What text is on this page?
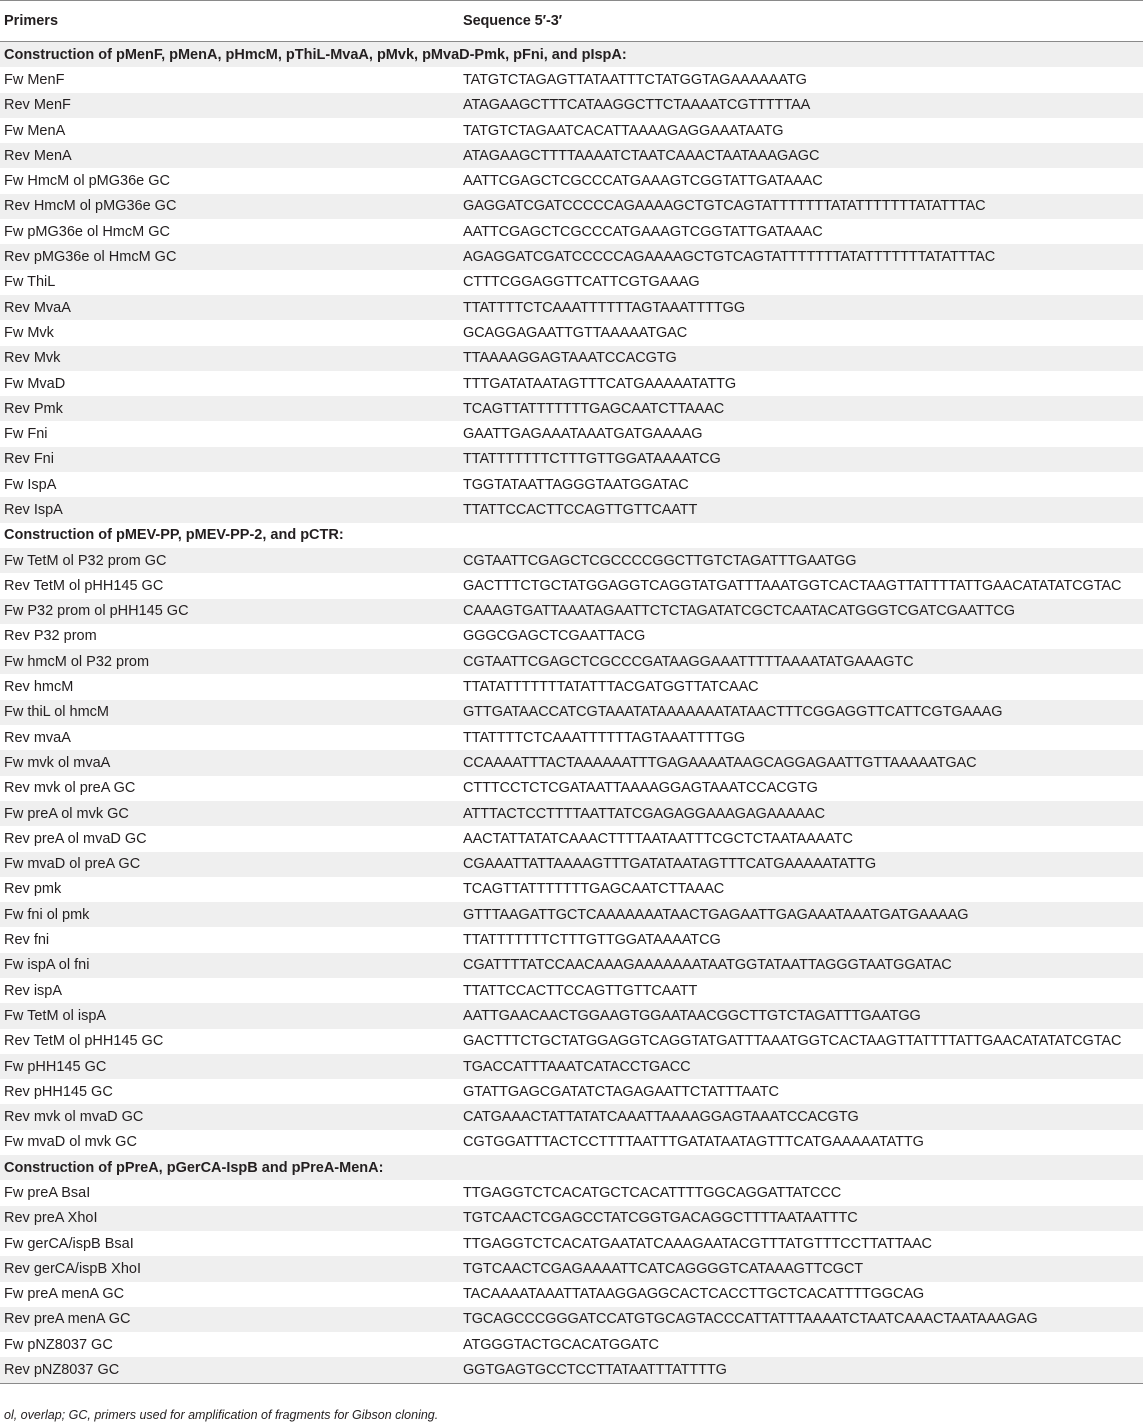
Primers	Sequence 5′-3′
Construction of pMenF, pMenA, pHmcM, pThiL-MvaA, pMvk, pMvaD-Pmk, pFni, and pIspA:
Fw MenF	TATGTCTAGAGTTATAATTTCTATGGTAGAAAAAATG
Rev MenF	ATAGAAGCTTTCATAAGGCTTCTAAAATCGTTTTTAA
Fw MenA	TATGTCTAGAATCACATTAAAAGAGGAAATAATG
Rev MenA	ATAGAAGCTTTTAAAATCTAATCAAACTAATAAAGAGC
Fw HmcM ol pMG36e GC	AATTCGAGCTCGCCCATGAAAGTCGGTATTGATAAAC
Rev HmcM ol pMG36e GC	GAGGATCGATCCCCCAGAAAAGCTGTCAGTATTTTTTTATATTTTTTTATATTTAC
Fw pMG36e ol HmcM GC	AATTCGAGCTCGCCCATGAAAGTCGGTATTGATAAAC
Rev pMG36e ol HmcM GC	AGAGGATCGATCCCCCAGAAAAGCTGTCAGTATTTTTTTATATTTTTTTATATTTAC
Fw ThiL	CTTTCGGAGGTTCATTCGTGAAAG
Rev MvaA	TTATTTTCTCAAATTTTTTAGTAAATTTTGG
Fw Mvk	GCAGGAGAATTGTTAAAAATGAC
Rev Mvk	TTAAAAGGAGTAAATCCACGTG
Fw MvaD	TTTGATATAATAGTTTCATGAAAAATATTG
Rev Pmk	TCAGTTATTTTTTTGAGCAATCTTAAAC
Fw Fni	GAATTGAGAAATAAATGATGAAAAG
Rev Fni	TTATTTTTTTCTTTGTTGGATAAAATCG
Fw IspA	TGGTATAATTAGGGTAATGGATAC
Rev IspA	TTATTCCACTTCCAGTTGTTCAATT
Construction of pMEV-PP, pMEV-PP-2, and pCTR:
Fw TetM ol P32 prom GC	CGTAATTCGAGCTCGCCCCGGCTTGTCTAGATTTGAATGG
Rev TetM ol pHH145 GC	GACTTTCTGCTATGGAGGTCAGGTATGATTTAAATGGTCACTAAGTTATTTTATTGAACATATATCGTAC
Fw P32 prom ol pHH145 GC	CAAAGTGATTAAATAGAATTCTCTAGATATCGCTCAATACATGGGTCGATCGAATTCG
Rev P32 prom	GGGCGAGCTCGAATTACG
Fw hmcM ol P32 prom	CGTAATTCGAGCTCGCCCGATAAGGAAATTTTTAAAATATGAAAGTC
Rev hmcM	TTATATTTTTTTATATTTACGATGGTTATCAAC
Fw thiL ol hmcM	GTTGATAACCATCGTAAATATAAAAAAATATAACTTTCGGAGGTTCATTCGTGAAAG
Rev mvaA	TTATTTTCTCAAATTTTTTAGTAAATTTTGG
Fw mvk ol mvaA	CCAAAATTTACTAAAAAATTTGAGAAAATAAGCAGGAGAATTGTTAAAAATGAC
Rev mvk ol preA GC	CTTTCCTCTCGATAATTAAAAGGAGTAAATCCACGTG
Fw preA ol mvk GC	ATTTACTCCTTTTAATTATCGAGAGGAAAGAGAAAAAC
Rev preA ol mvaD GC	AACTATTATATCAAACTTTTAATAATTTCGCTCTAATAAAATC
Fw mvaD ol preA GC	CGAAATTATTAAAAGTTTGATATAATAGTTTCATGAAAAATATTG
Rev pmk	TCAGTTATTTTTTTGAGCAATCTTAAAC
Fw fni ol pmk	GTTTAAGATTGCTCAAAAAAATAACTGAGAATTGAGAAATAAATGATGAAAAG
Rev fni	TTATTTTTTTCTTTGTTGGATAAAATCG
Fw ispA ol fni	CGATTTTATCCAACAAAGAAAAAAATAATGGTATAATTAGGGTAATGGATAC
Rev ispA	TTATTCCACTTCCAGTTGTTCAATT
Fw TetM ol ispA	AATTGAACAACTGGAAGTGGAATAACGGCTTGTCTAGATTTGAATGG
Rev TetM ol pHH145 GC	GACTTTCTGCTATGGAGGTCAGGTATGATTTAAATGGTCACTAAGTTATTTTATTGAACATATATCGTAC
Fw pHH145 GC	TGACCATTTAAATCATACCTGACC
Rev pHH145 GC	GTATTGAGCGATATCTAGAGAATTCTATTTAATC
Rev mvk ol mvaD GC	CATGAAACTATTATATCAAATTAAAAGGAGTAAATCCACGTG
Fw mvaD ol mvk GC	CGTGGATTTACTCCTTTTAATTTGATATAATAGTTTCATGAAAAATATTG
Construction of pPreA, pGerCA-IspB and pPreA-MenA:
Fw preA BsaI	TTGAGGTCTCACATGCTCACATTTTGGCAGGATTATCCC
Rev preA XhoI	TGTCAACTCGAGCCTATCGGTGACAGGCTTTTAATAATTTC
Fw gerCA/ispB BsaI	TTGAGGTCTCACATGAATATCAAAGAATACGTTTATGTTTCCTTATTAAC
Rev gerCA/ispB XhoI	TGTCAACTCGAGAAAATTCATCAGGGGTCATAAAGTTCGCT
Fw preA menA GC	TACAAAATAAATTATAAGGAGGCACTCACCTTGCTCACATTTTGGCAG
Rev preA menA GC	TGCAGCCCGGGATCCATGTGCAGTACCCATTATTTAAAATCTAATCAAACTAATAAAGAG
Fw pNZ8037 GC	ATGGGTACTGCACATGGATC
Rev pNZ8037 GC	GGTGAGTGCCTCCTTATAATTTATTTTG
ol, overlap; GC, primers used for amplification of fragments for Gibson cloning.
